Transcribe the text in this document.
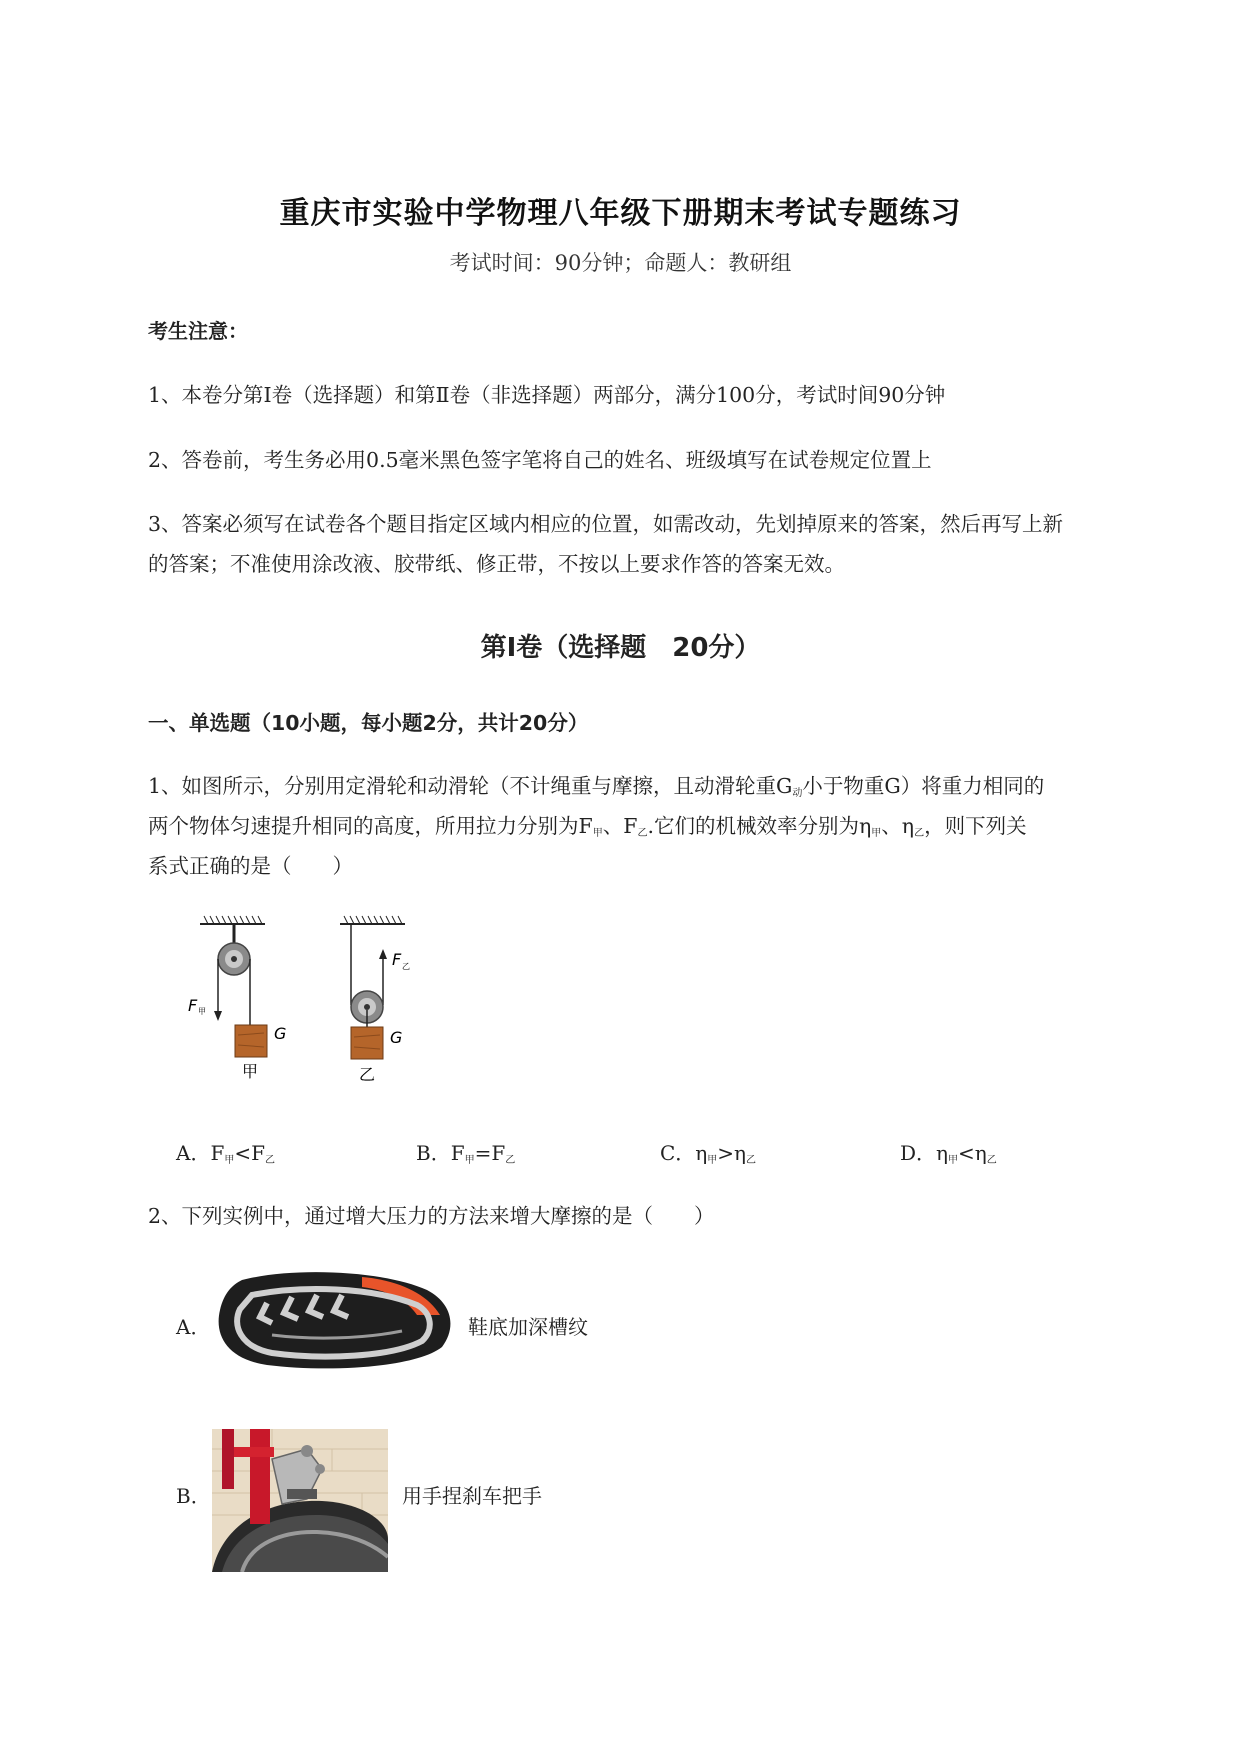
重庆市实验中学物理八年级下册期末考试专题练习
考试时间：90分钟；命题人：教研组
考生注意：
1、本卷分第Ⅰ卷（选择题）和第Ⅱ卷（非选择题）两部分，满分100分，考试时间90分钟
2、答卷前，考生务必用0.5毫米黑色签字笔将自己的姓名、班级填写在试卷规定位置上
3、答案必须写在试卷各个题目指定区域内相应的位置，如需改动，先划掉原来的答案，然后再写上新
的答案；不准使用涂改液、胶带纸、修正带，不按以上要求作答的答案无效。
第Ⅰ卷（选择题　20分）
一、单选题（10小题，每小题2分，共计20分）
1、如图所示，分别用定滑轮和动滑轮（不计绳重与摩擦，且动滑轮重$G_动$小于物重G）将重力相同的
两个物体匀速提升相同的高度，所用拉力分别为$F_甲$、$F_乙$.它们的机械效率分别为$\eta_甲$、$\eta_乙$，则下列关
系式正确的是（　　）
F 甲
G
甲
F 乙
G
乙
A．$F_甲<F_乙$	B．$F_甲=F_乙$	C．$\eta_甲>\eta_乙$	D．$\eta_甲<\eta_乙$
2、下列实例中，通过增大压力的方法来增大摩擦的是（　　）
A．	鞋底加深槽纹
B．	用手捏刹车把手
